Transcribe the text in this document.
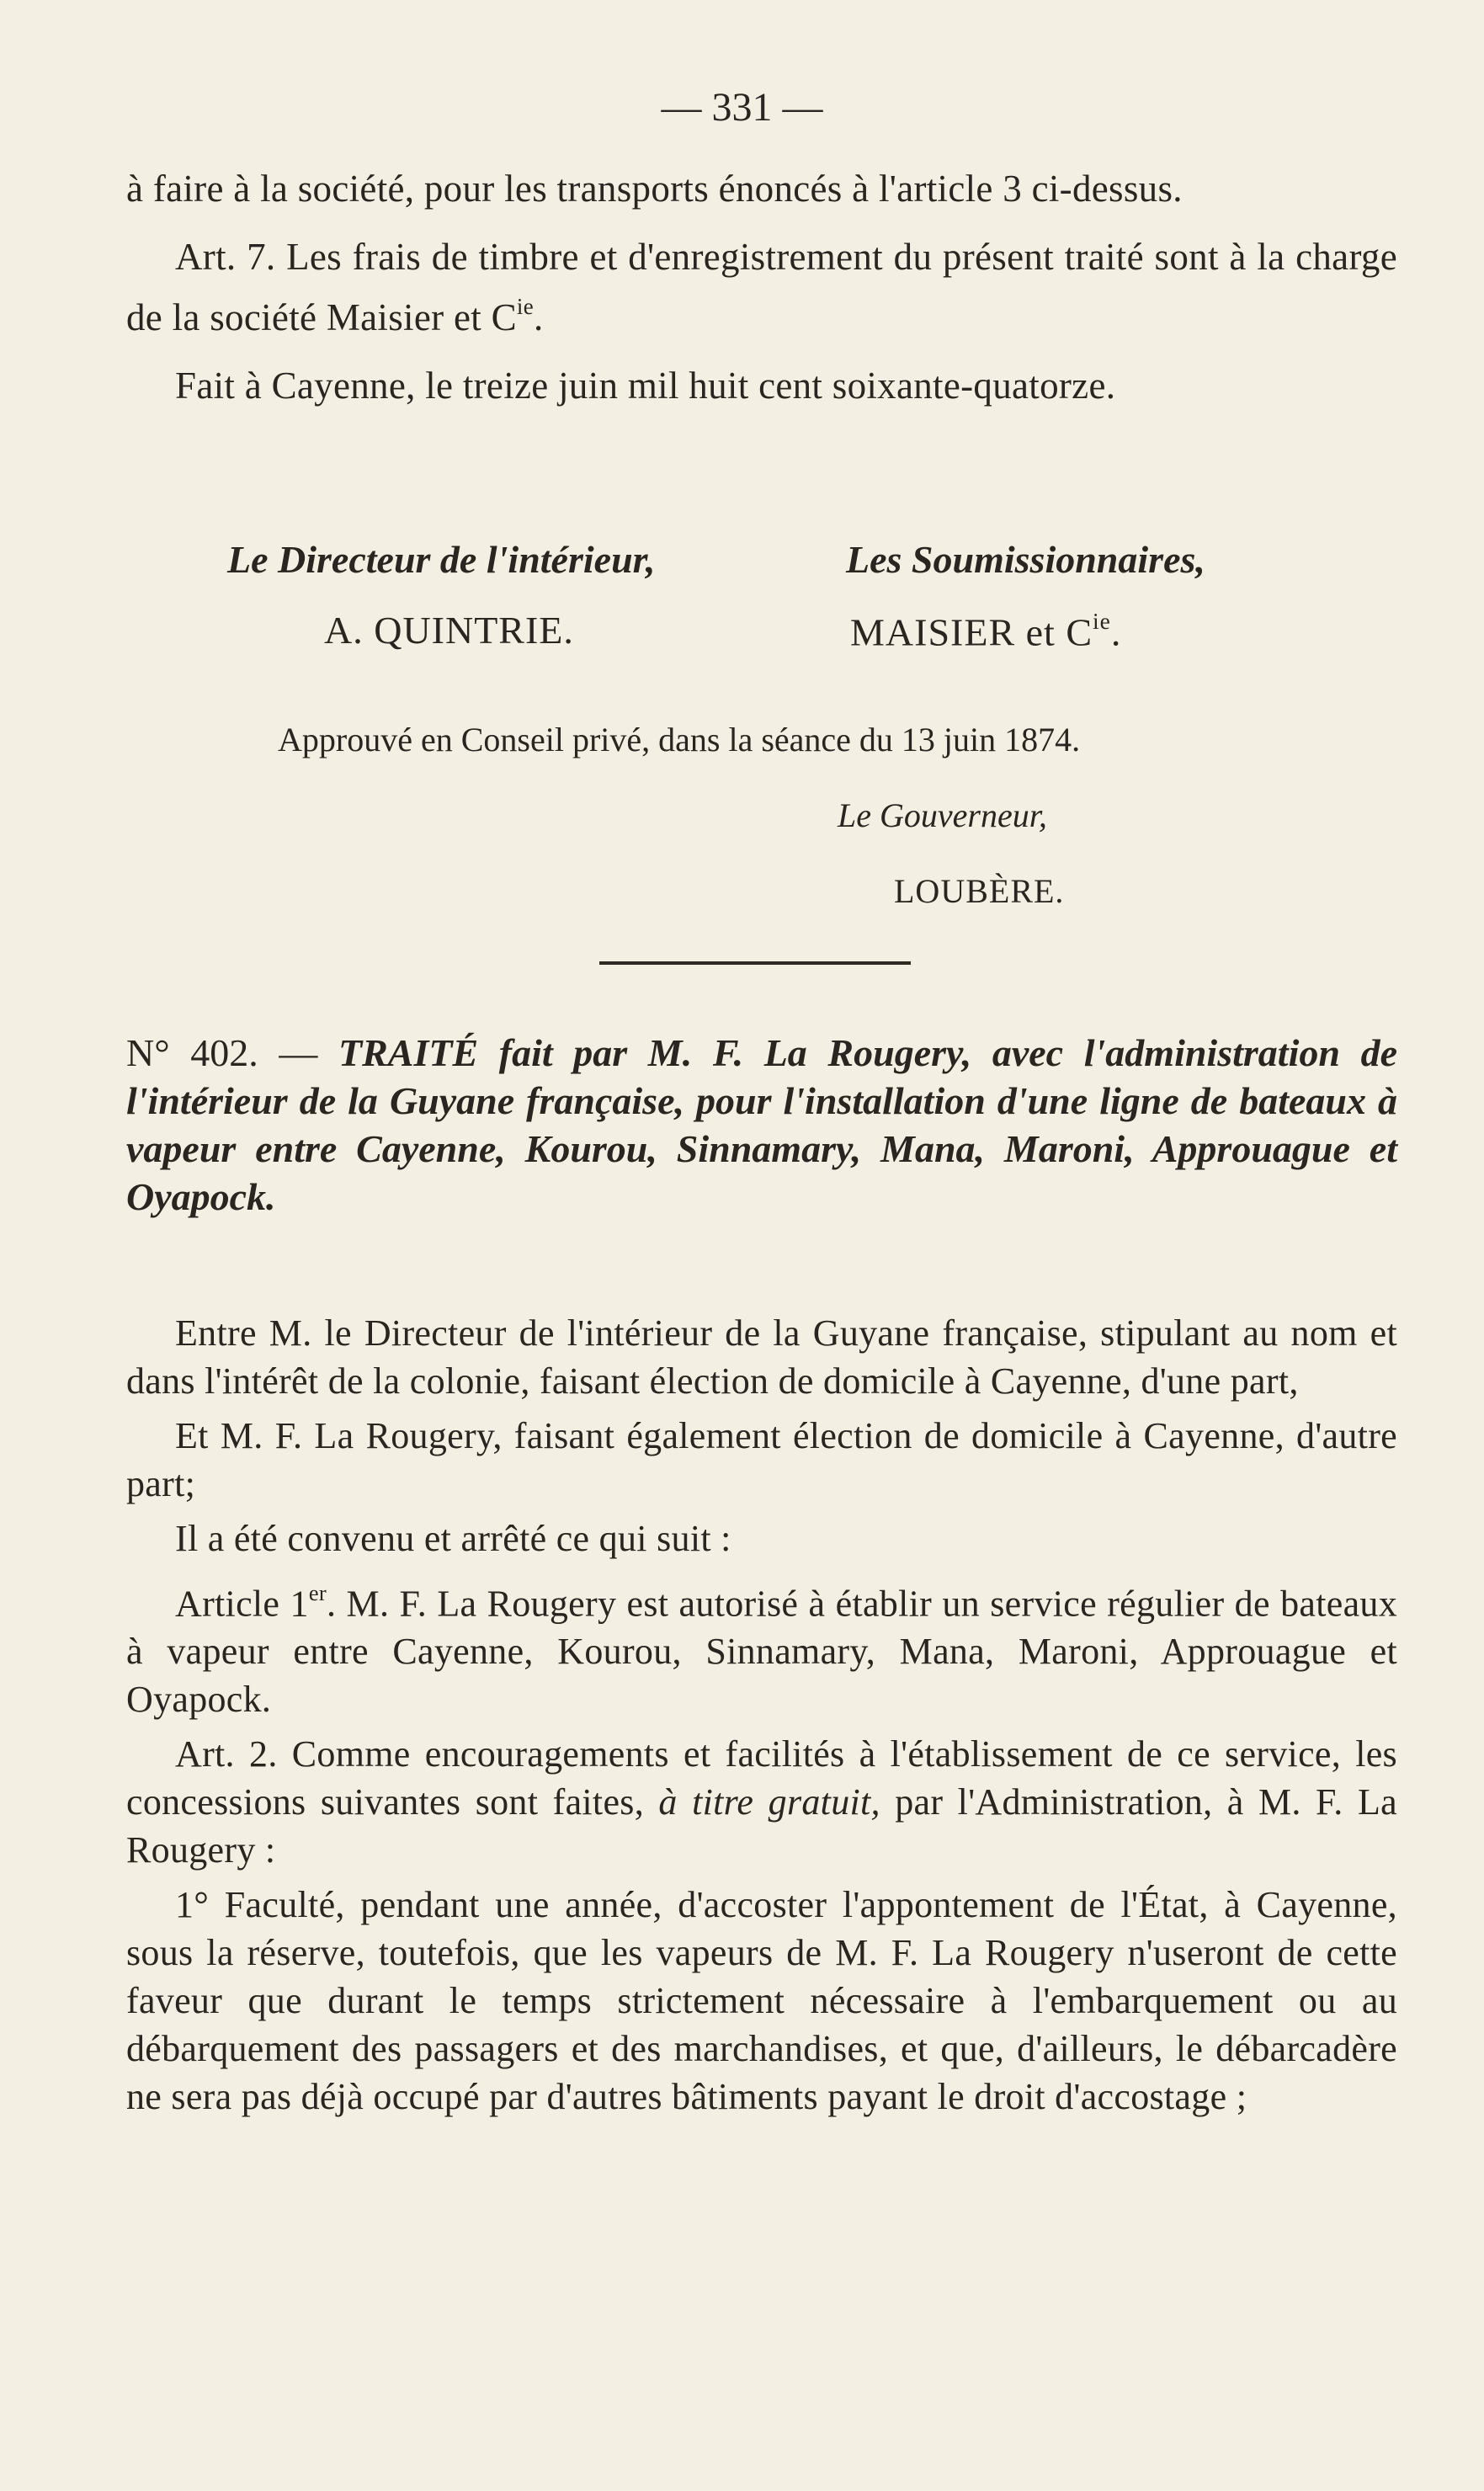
— 331 —

à faire à la société, pour les transports énoncés à l'article 3 ci-dessus.

Art. 7. Les frais de timbre et d'enregistrement du présent traité sont à la charge de la société Maisier et $C^{ie}$.

Fait à Cayenne, le treize juin mil huit cent soixante-quatorze.

Le Directeur de l'intérieur,	Les Soumissionnaires,
A. QUINTRIE.	MAISIER et $C^{ie}$.
Approuvé en Conseil privé, dans la séance du 13 juin 1874.
Le Gouverneur,
LOUBÈRE.

N° 402. — TRAITÉ fait par M. F. La Rougery, avec l'administration de l'intérieur de la Guyane française, pour l'installation d'une ligne de bateaux à vapeur entre Cayenne, Kourou, Sinnamary, Mana, Maroni, Approuague et Oyapock.

Entre M. le Directeur de l'intérieur de la Guyane française, stipulant au nom et dans l'intérêt de la colonie, faisant élection de domicile à Cayenne, d'une part,

Et M. F. La Rougery, faisant également élection de domicile à Cayenne, d'autre part;

Il a été convenu et arrêté ce qui suit :

Article 1er. M. F. La Rougery est autorisé à établir un service régulier de bateaux à vapeur entre Cayenne, Kourou, Sinnamary, Mana, Maroni, Approuague et Oyapock.

Art. 2. Comme encouragements et facilités à l'établissement de ce service, les concessions suivantes sont faites, à titre gratuit, par l'Administration, à M. F. La Rougery :

1° Faculté, pendant une année, d'accoster l'appontement de l'État, à Cayenne, sous la réserve, toutefois, que les vapeurs de M. F. La Rougery n'useront de cette faveur que durant le temps strictement nécessaire à l'embarquement ou au débarquement des passagers et des marchandises, et que, d'ailleurs, le débarcadère ne sera pas déjà occupé par d'autres bâtiments payant le droit d'accostage ;
